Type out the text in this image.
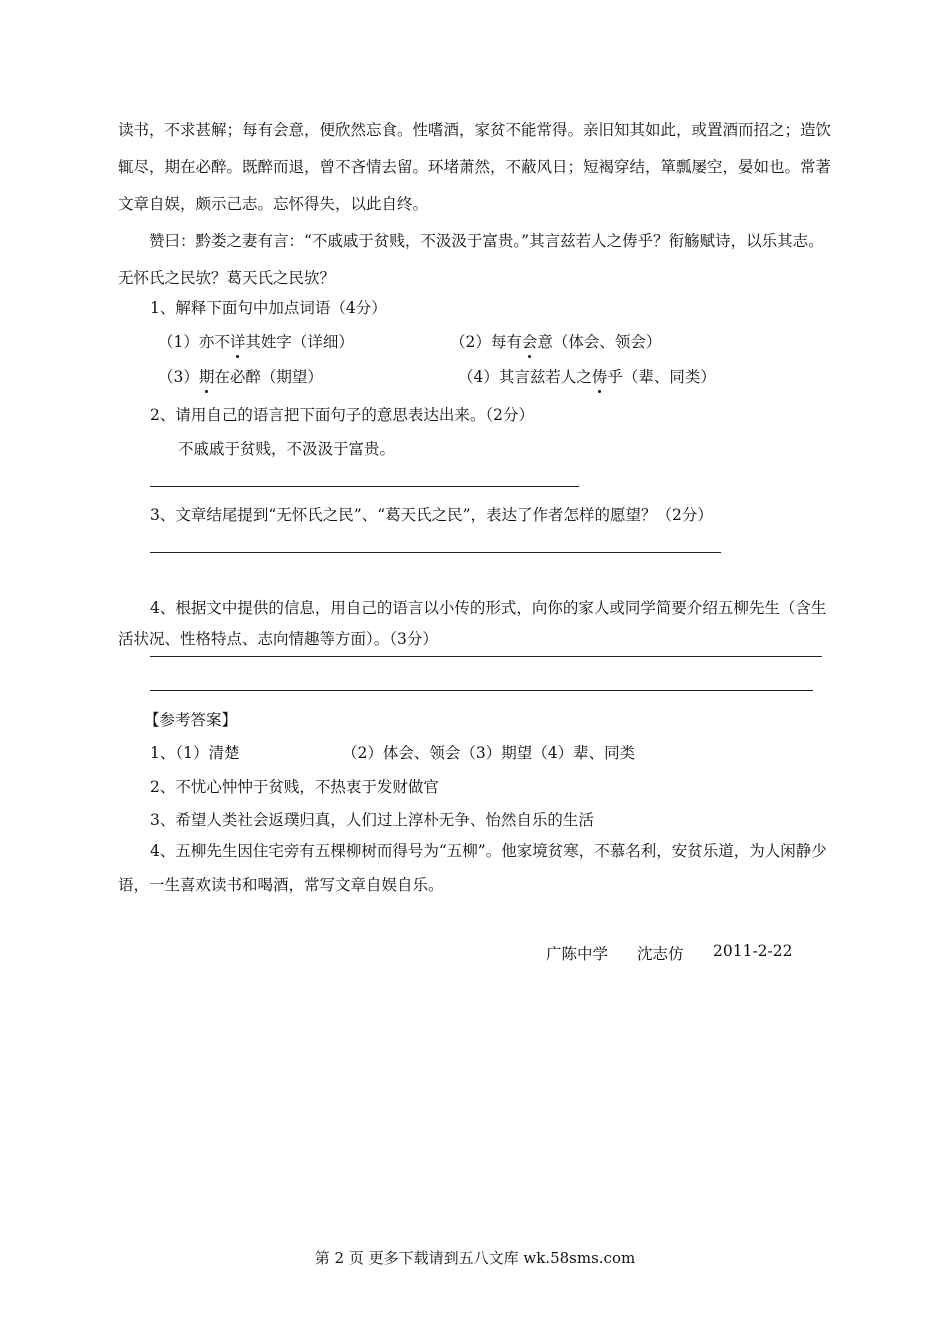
读书，不求甚解；每有会意，便欣然忘食。性嗜酒，家贫不能常得。亲旧知其如此，或置酒而招之；造饮辄尽，期在必醉。既醉而退，曾不吝情去留。环堵萧然，不蔽风日；短褐穿结，箪瓢屡空，晏如也。常著文章自娱，颇示己志。忘怀得失，以此自终。

赞曰：黔娄之妻有言：“不戚戚于贫贱，不汲汲于富贵。”其言兹若人之俦乎？衔觞赋诗，以乐其志。无怀氏之民欤？葛天氏之民欤？

1、解释下面句中加点词语（4分）
（1）亦不详其姓字（详细）	（2）每有会意（体会、领会）
（3）期在必醉（期望）	（4）其言兹若人之俦乎（辈、同类）
2、请用自己的语言把下面句子的意思表达出来。（2分）
不戚戚于贫贱，不汲汲于富贵。
3、文章结尾提到“无怀氏之民”、“葛天氏之民”，表达了作者怎样的愿望？（2分）

4、根据文中提供的信息，用自己的语言以小传的形式，向你的家人或同学简要介绍五柳先生（含生活状况、性格特点、志向情趣等方面）。（3分）

【参考答案】
1、（1）清楚	（2）体会、领会（3）期望（4）辈、同类
2、不忧心忡忡于贫贱，不热衷于发财做官
3、希望人类社会返璞归真，人们过上淳朴无争、怡然自乐的生活

4、五柳先生因住宅旁有五棵柳树而得号为“五柳”。他家境贫寒，不慕名利，安贫乐道，为人闲静少语，一生喜欢读书和喝酒，常写文章自娱自乐。

广陈中学 沈志仿 2011-2-22
第 2 页 更多下载请到五八文库 wk.58sms.com
